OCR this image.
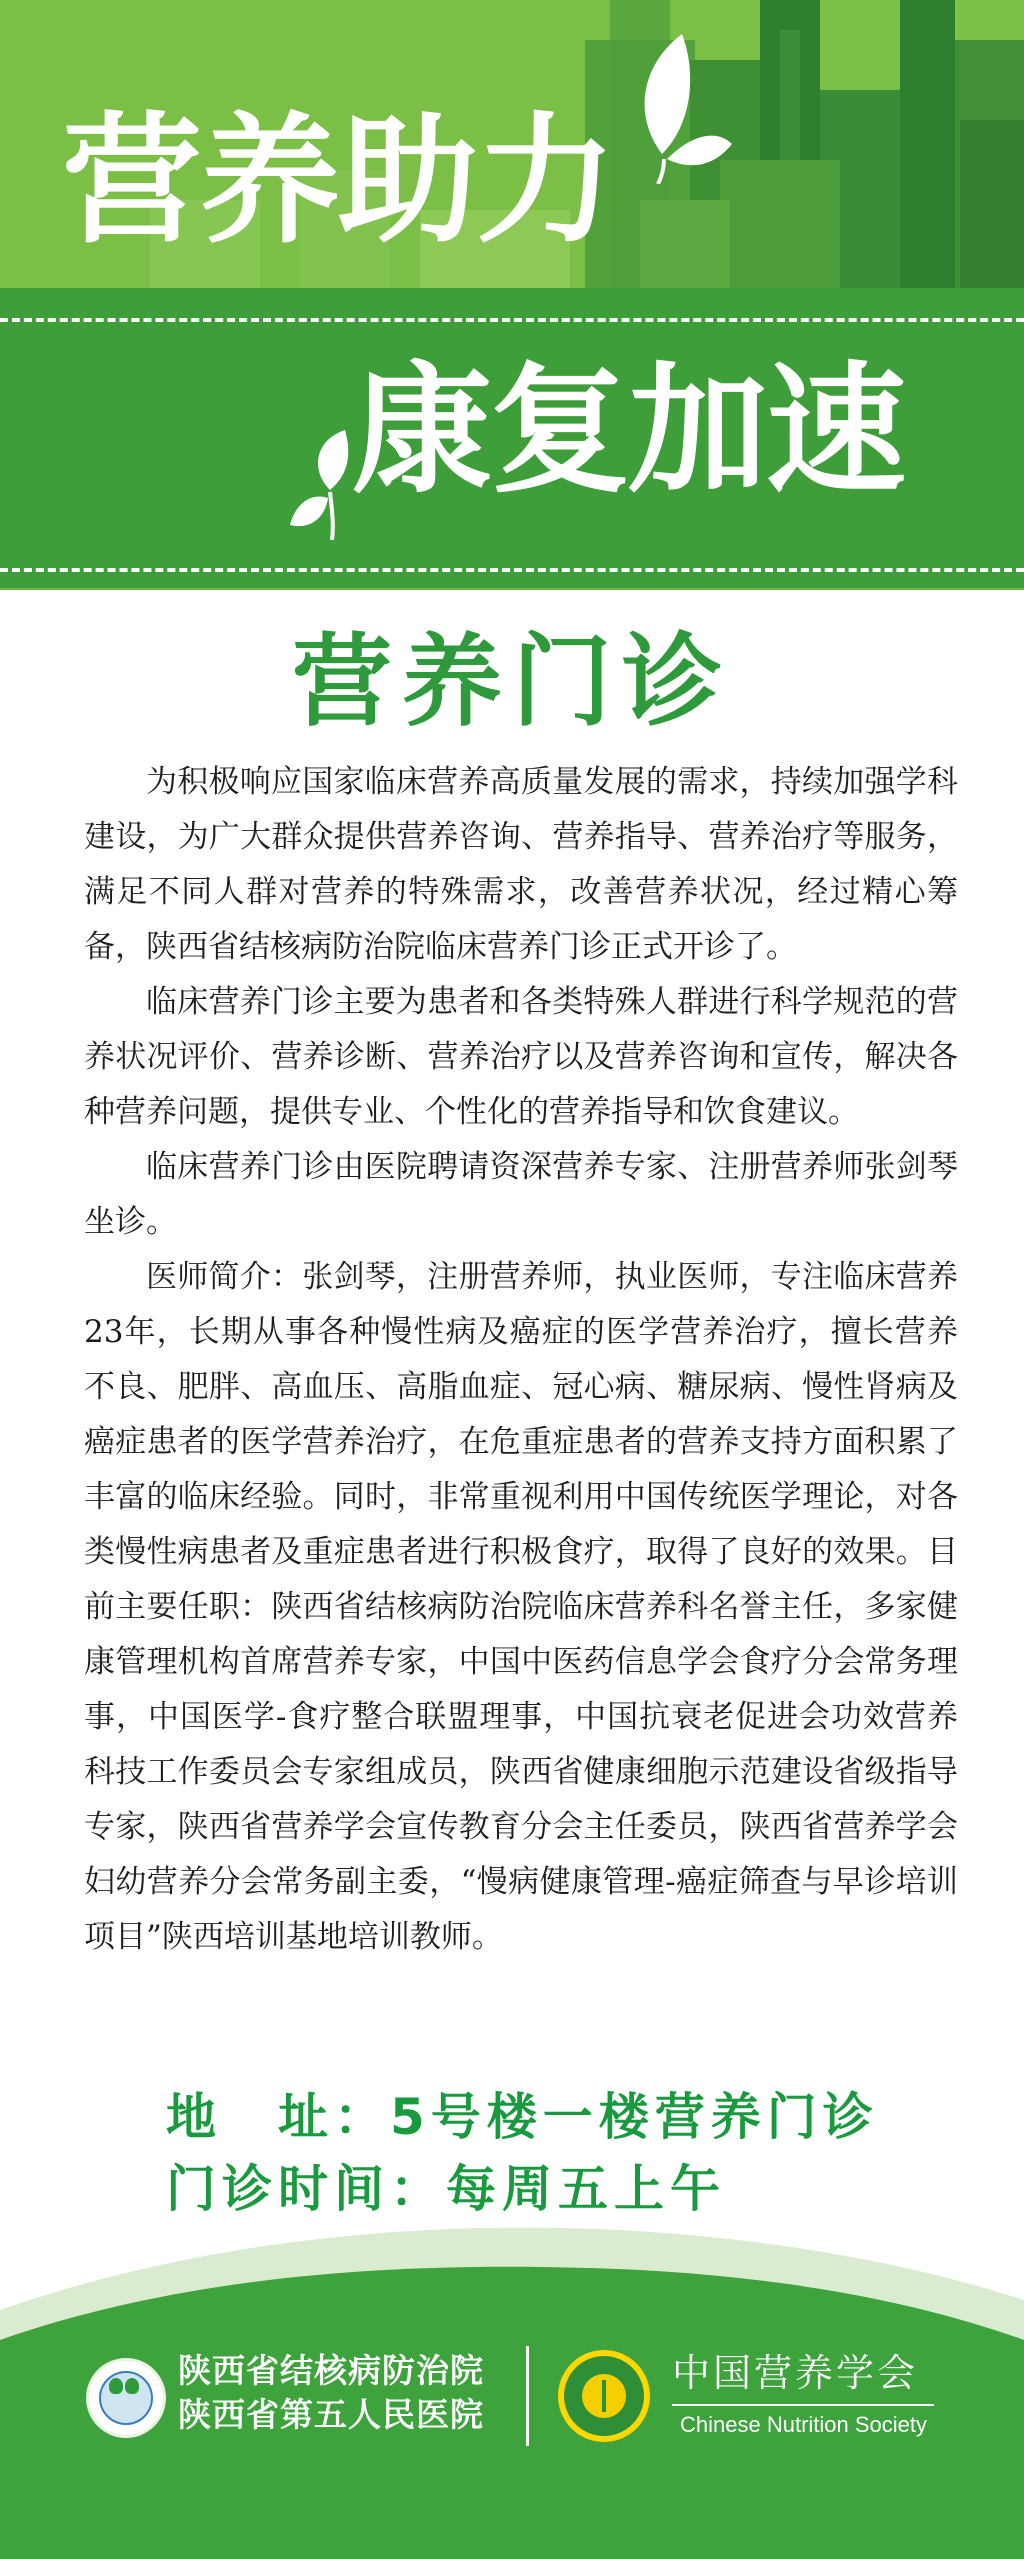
营养助力
康复加速
营养门诊

为积极响应国家临床营养高质量发展的需求，持续加强学科建设，为广大群众提供营养咨询、营养指导、营养治疗等服务，满足不同人群对营养的特殊需求，改善营养状况，经过精心筹备，陕西省结核病防治院临床营养门诊正式开诊了。

临床营养门诊主要为患者和各类特殊人群进行科学规范的营养状况评价、营养诊断、营养治疗以及营养咨询和宣传，解决各种营养问题，提供专业、个性化的营养指导和饮食建议。

临床营养门诊由医院聘请资深营养专家、注册营养师张剑琴坐诊。

医师简介：张剑琴，注册营养师，执业医师，专注临床营养23年，长期从事各种慢性病及癌症的医学营养治疗，擅长营养不良、肥胖、高血压、高脂血症、冠心病、糖尿病、慢性肾病及癌症患者的医学营养治疗，在危重症患者的营养支持方面积累了丰富的临床经验。同时，非常重视利用中国传统医学理论，对各类慢性病患者及重症患者进行积极食疗，取得了良好的效果。目前主要任职：陕西省结核病防治院临床营养科名誉主任，多家健康管理机构首席营养专家，中国中医药信息学会食疗分会常务理事，中国医学-食疗整合联盟理事，中国抗衰老促进会功效营养科技工作委员会专家组成员，陕西省健康细胞示范建设省级指导专家，陕西省营养学会宣传教育分会主任委员，陕西省营养学会妇幼营养分会常务副主委，“慢病健康管理-癌症筛查与早诊培训项目”陕西培训基地培训教师。

地　址：5号楼一楼营养门诊
门诊时间：每周五上午
陕西省结核病防治院
陕西省第五人民医院
中国营养学会
Chinese Nutrition Society
